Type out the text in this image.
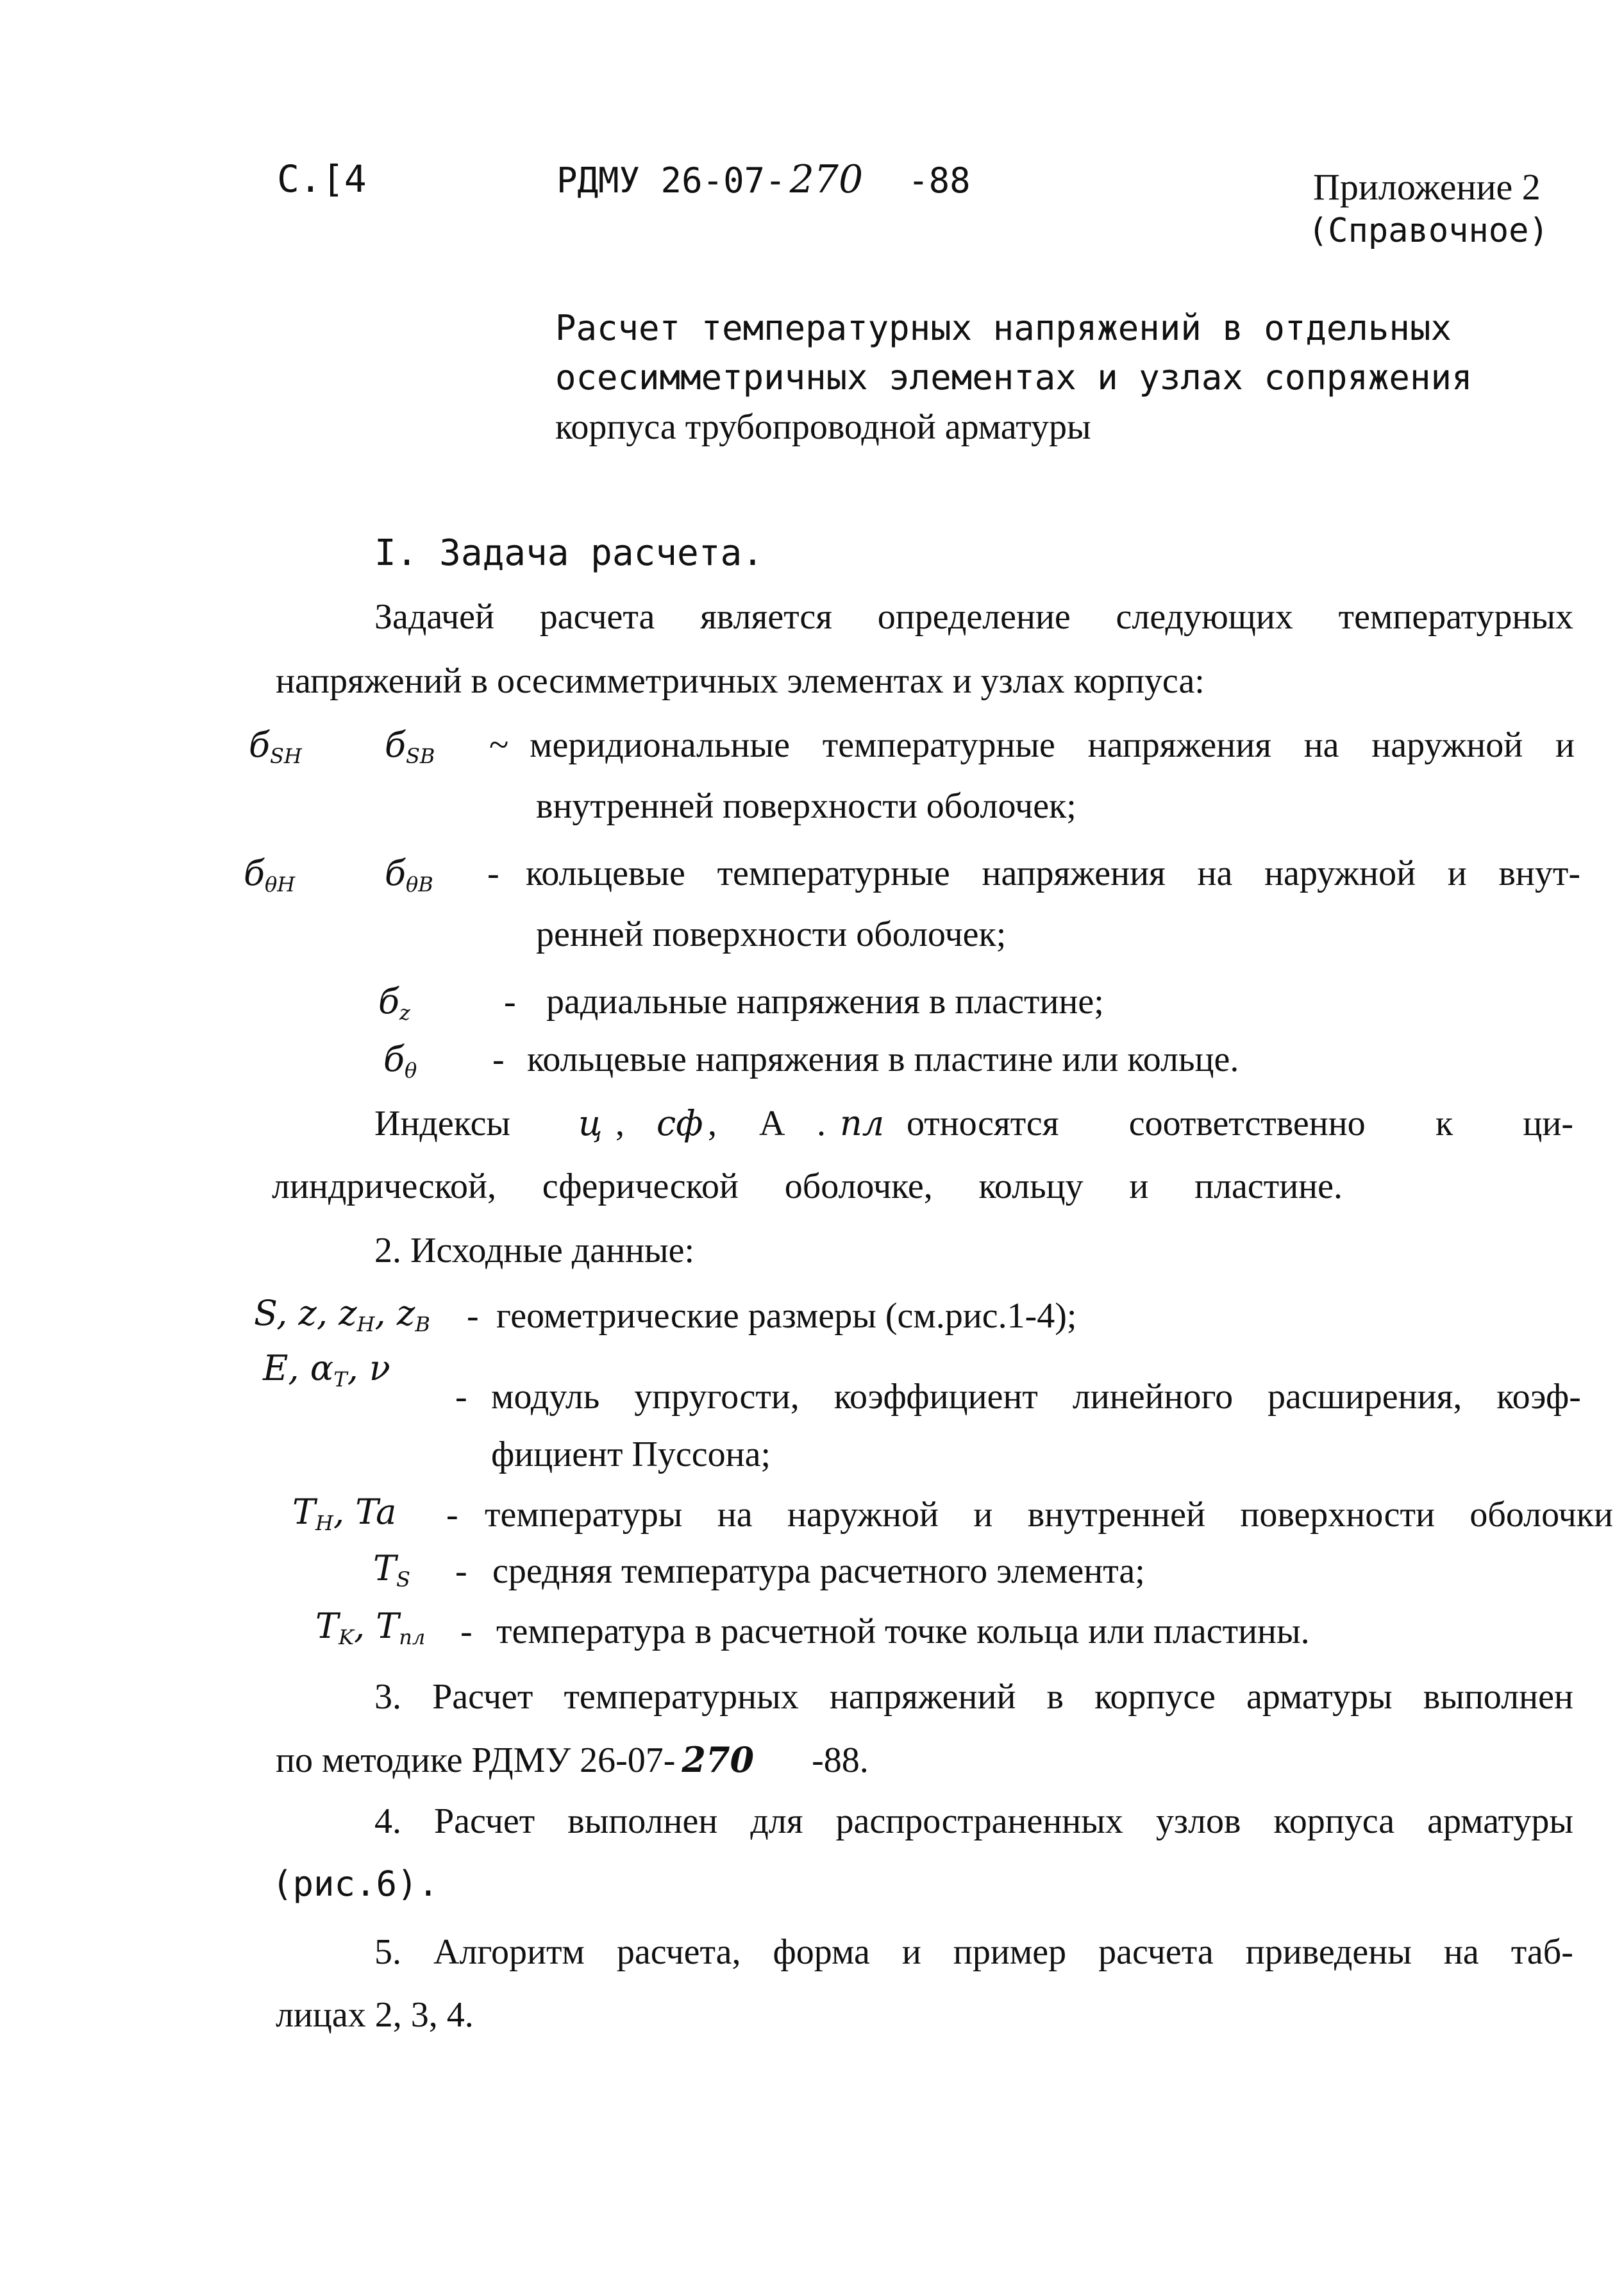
С.[4	РДМУ 26-07- 270 -88	Приложение 2
(Справочное)
Расчет температурных напряжений в отдельных
осесимметричных элементах и узлах сопряжения
корпуса трубопроводной арматуры
I. Задача расчета.
Задачей расчета является определение следующих температурных
напряжений в осесимметричных элементах и узлах корпуса:
$б_{SH}$ $б_{SB}$ ~ меридиональные температурные напряжения на наружной и
внутренней поверхности оболочек;
$б_{\theta H}$	$б_{\theta B}$ - кольцевые температурные напряжения на наружной и внут-
ренней поверхности оболочек;
$б_z$	- радиальные напряжения в пластине;
$б_\theta$ - кольцевые напряжения в пластине или кольце.
Индексы ц , сф , A . пл относятся соответственно к ци-
линдрической, сферической оболочке, кольцу и пластине.
2. Исходные данные:
S, z, $z_H$, $z_B$ - геометрические размеры (см.рис.1-4);
E, $\alpha_T$, ν
- модуль упругости, коэффициент линейного расширения, коэф-
фициент Пуссона;
$T_H$, Ta - температуры на наружной и внутренней поверхности оболочки
$T_S$ - средняя температура расчетного элемента;
$T_K$, $T_{пл}$ - температура в расчетной точке кольца или пластины.
3. Расчет температурных напряжений в корпусе арматуры выполнен
по методике РДМУ 26-07- 270 -88.
4. Расчет выполнен для распространенных узлов корпуса арматуры
(рис.6).
5. Алгоритм расчета, форма и пример расчета приведены на таб-
лицах 2, 3, 4.
